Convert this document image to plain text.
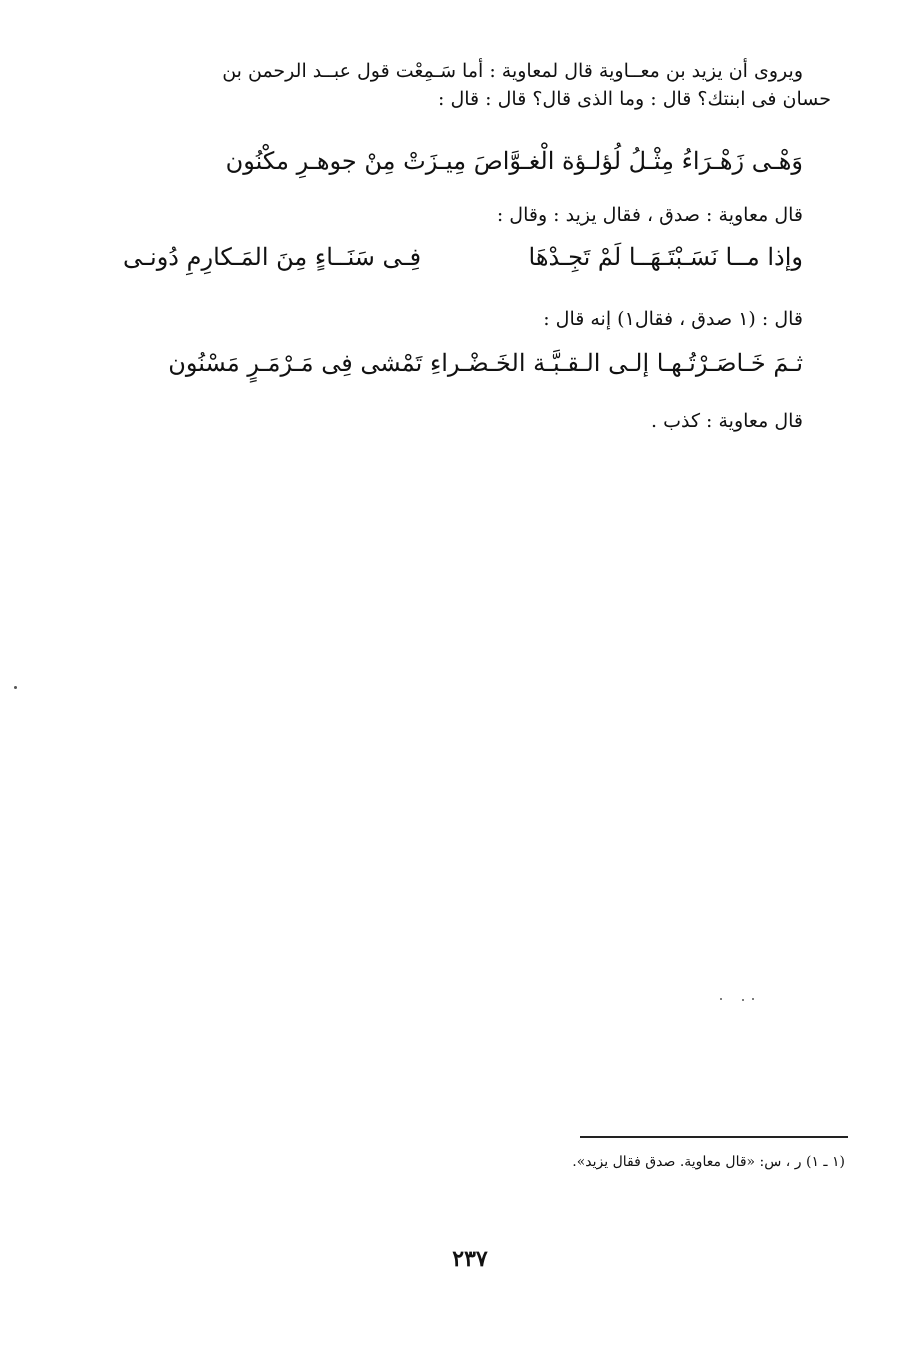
ويروى أن يزيد بن معــاوية قال لمعاوية : أما سَـمِعْت قول عبــد الرحمن بن
حسان فى ابنتك؟ قال : وما الذى قال؟ قال : قال :
وَهْـى زَهْـرَاءُ مِثْـلُ لُؤلـؤة الْغـوَّاصَ مِيـزَتْ مِنْ جوهـرِ مكْنُون
قال معاوية : صدق ، فقال يزيد : وقال :
وإذا مــا نَسَـبْتَـهَــا لَمْ تَجِـدْهَا
فِـى سَنَــاءٍ مِنَ المَـكارِمِ دُونـى
قال : (١ صدق ، فقال١) إنه قال :
ثـمَ خَـاصَـرْتُـهـا إلـى الـقـبَّـة الخَـضْـراءِ تَمْشى فِى مَـرْمَـرٍ مَسْنُون
قال معاوية : كذب .
(١ ـ ١) ر ، س: «قال معاوية. صدق فقال يزيد».
٢٣٧
